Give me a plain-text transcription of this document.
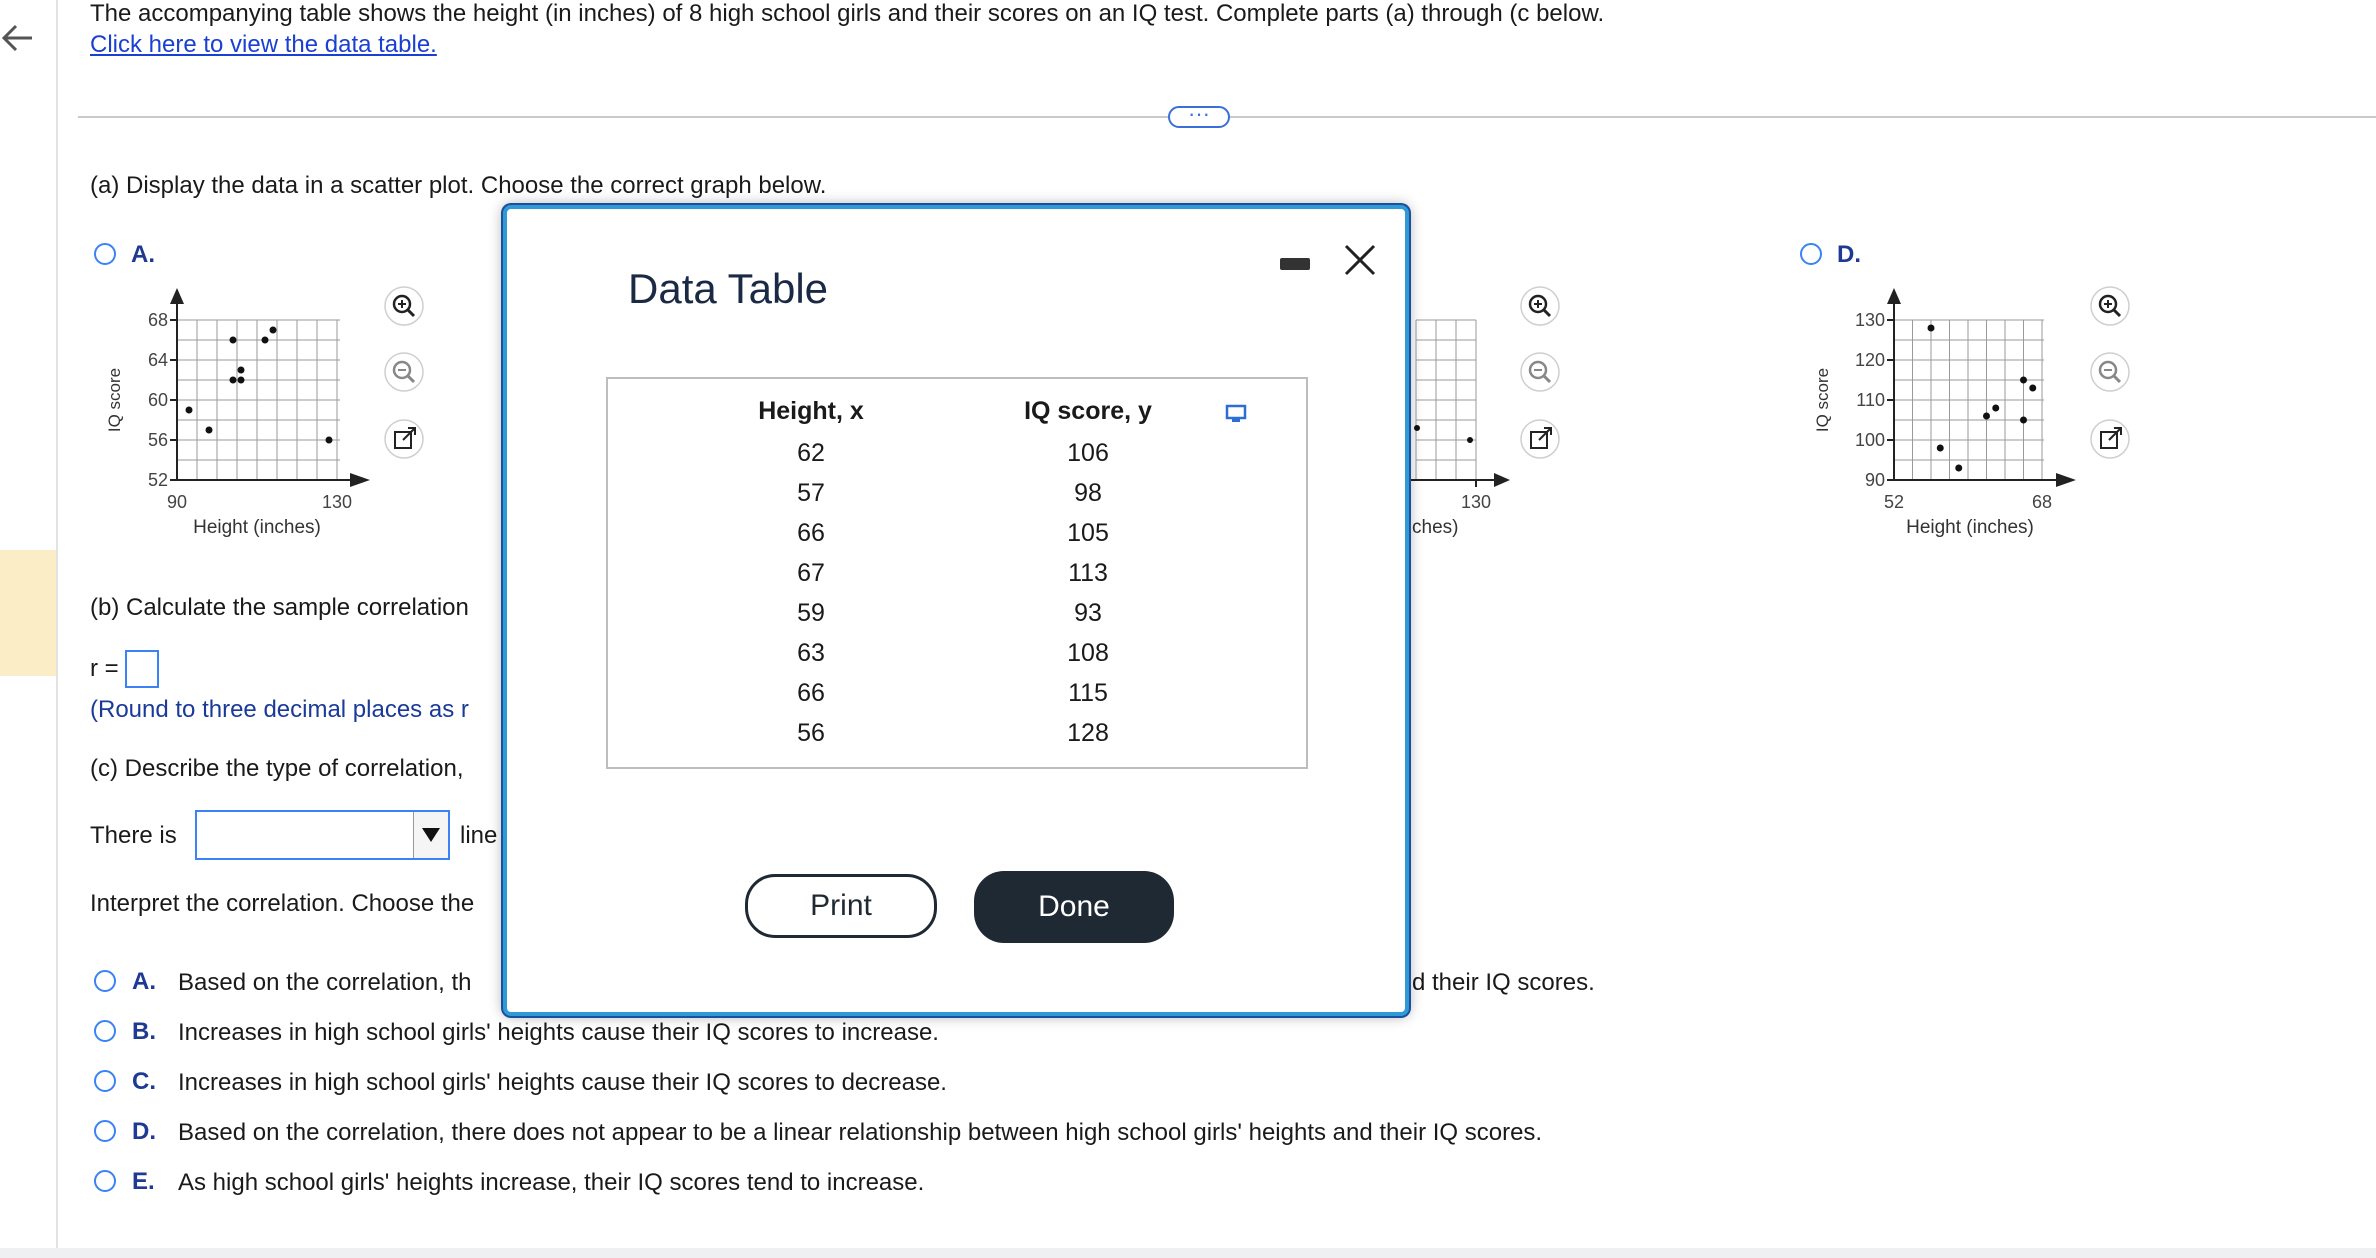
The accompanying table shows the height (in inches) of 8 high school girls and their scores on an IQ test. Complete parts (a) through (c below.
Click here to view the data table.
···
(a) Display the data in a scatter plot. Choose the correct graph below.
A.
68
64
60
56
52
90	130
Height (inches)
IQ score
130
ches)
D.
130
120
110
100
90
52	68
Height (inches)
IQ score
(b) Calculate the sample correlation
r =
(Round to three decimal places as r
(c) Describe the type of correlation,
There is	line
Interpret the correlation. Choose the
A. Based on the correlation, th	d their IQ scores.
B. Increases in high school girls' heights cause their IQ scores to increase.
C. Increases in high school girls' heights cause their IQ scores to decrease.
D. Based on the correlation, there does not appear to be a linear relationship between high school girls' heights and their IQ scores.
E. As high school girls' heights increase, their IQ scores tend to increase.
Data Table
Height, x	IQ score, y
62	106
57	98
66	105
67	113
59	93
63	108
66	115
56	128
Print	Done
